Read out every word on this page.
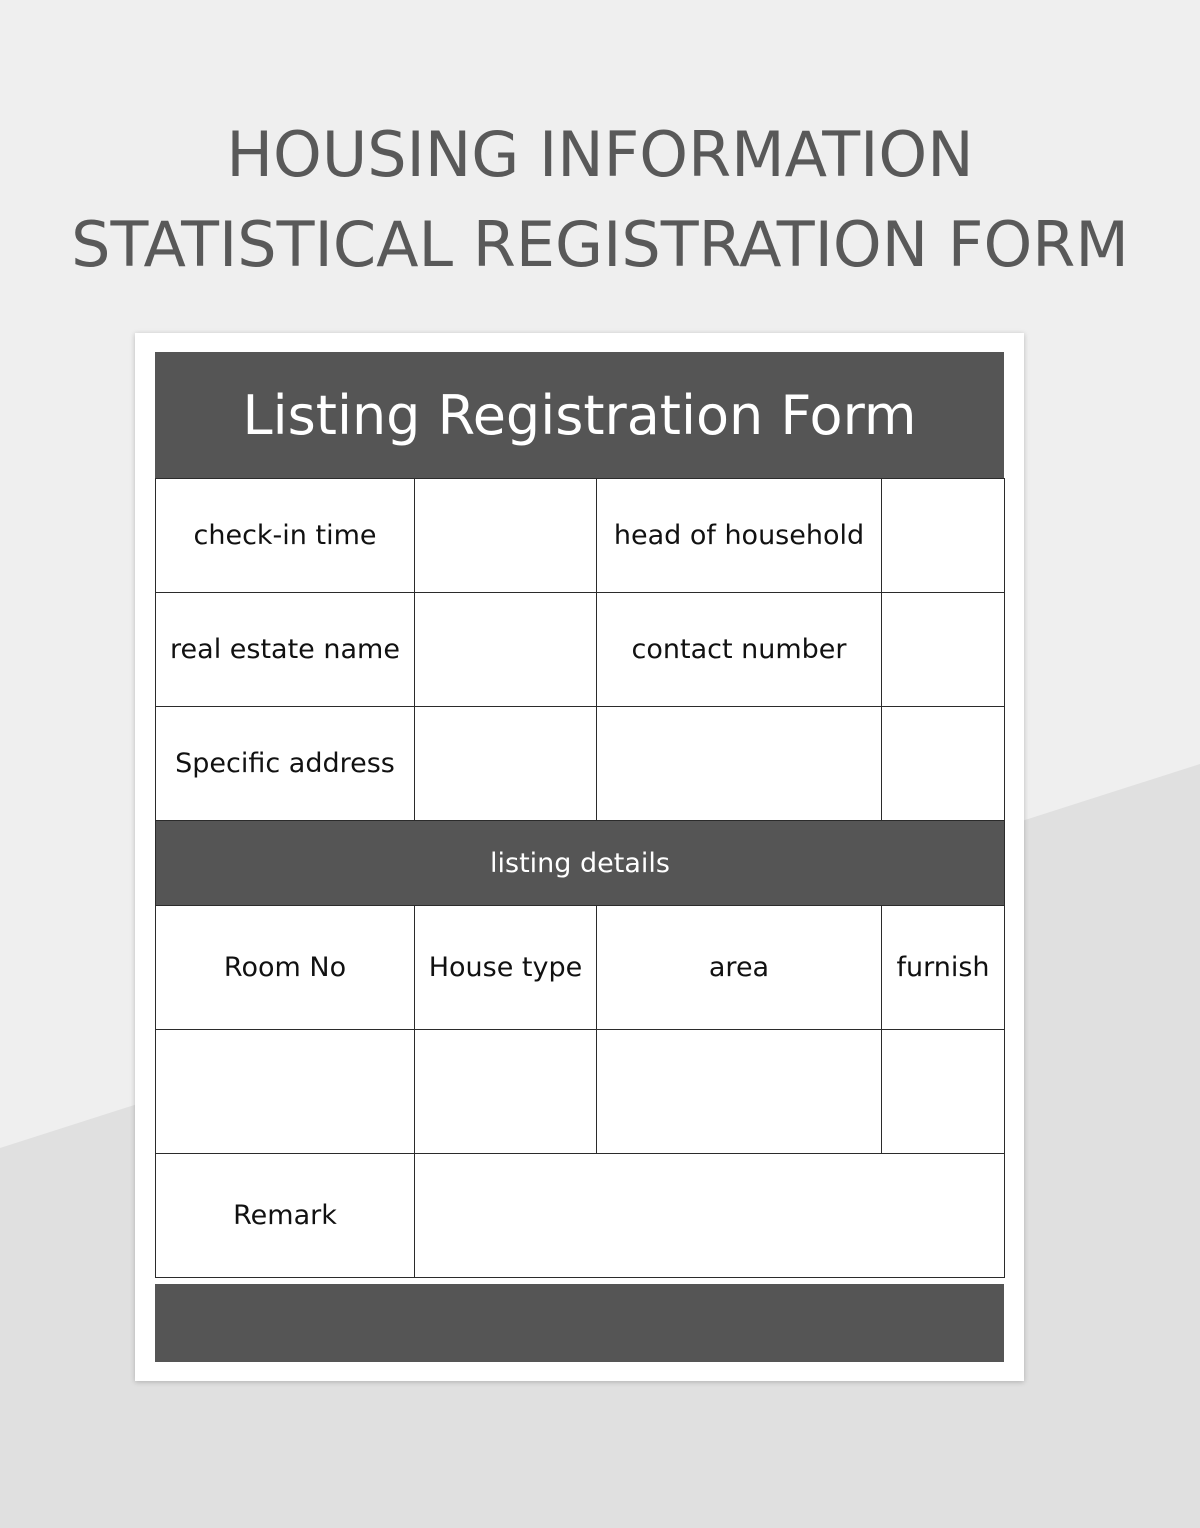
HOUSING INFORMATION
STATISTICAL REGISTRATION FORM
Listing Registration Form
check-in time		head of household	
real estate name		contact number	
Specific address			
listing details			
Room No	House type	area	furnish

Remark			
